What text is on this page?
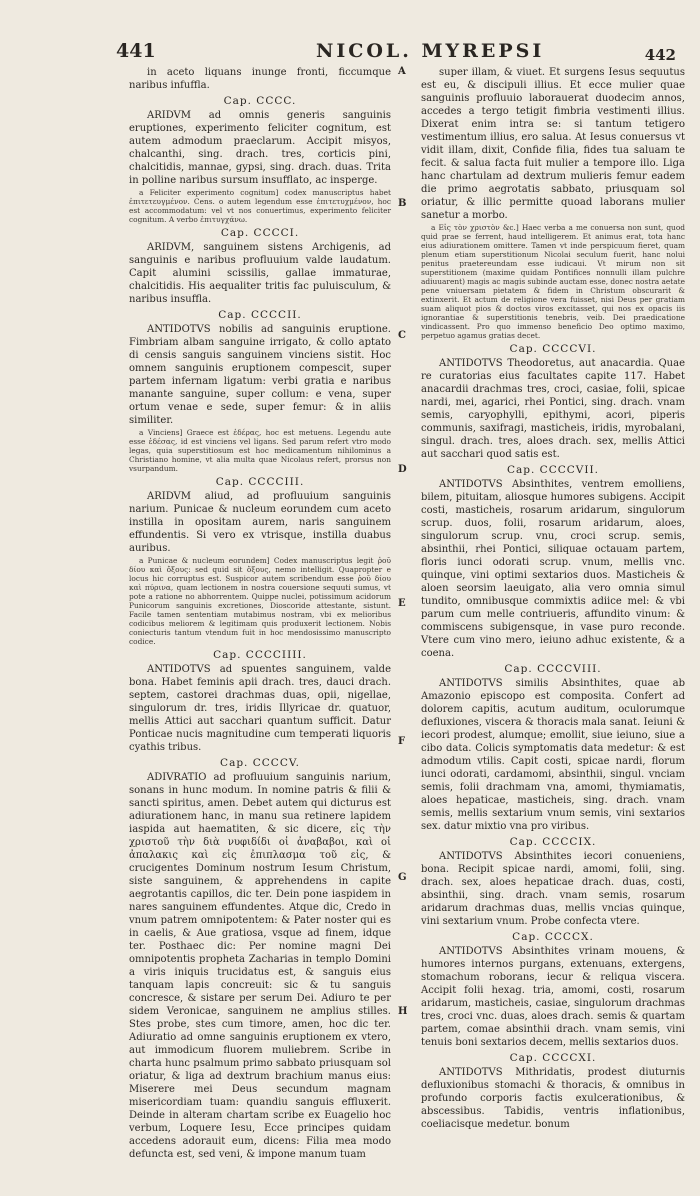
441	NICOL. MYREPSI	442

in aceto liquans inunge fronti, ficcumque naribus infuffla.

Cap. CCCC.

ARIDVM ad omnis generis sanguinis eruptiones, experimento feliciter cognitum, est autem admodum praeclarum. Accipit misyos, chalcanthi, sing. drach. tres, corticis pini, chalcitidis, mannae, gypsi, sing. drach. duas. Trita in polline naribus sursum insufflato, ac insperge.

a Feliciter experimento cognitum] codex manuscriptus habet ἐπιτετευγμένον. Cens. o autem legendum esse ἐπιτετυχμένον, hoc est accommodatum: vel vt nos conuertimus, experimento feliciter cognitum. A verbo ἐπιτυγχάνω.

Cap. CCCCI.

ARIDVM, sanguinem sistens Archigenis, ad sanguinis e naribus profluuium valde laudatum. Capit alumini scissilis, gallae immaturae, chalcitidis. His aequaliter tritis fac puluisculum, & naribus insuffla.

Cap. CCCCII.

ANTIDOTVS nobilis ad sanguinis eruptione. Fimbriam albam sanguine irrigato, & collo aptato di censis sanguis sanguinem vinciens sistit. Hoc omnem sanguinis eruptionem compescit, super partem infernam ligatum: verbi gratia e naribus manante sanguine, super collum: e vena, super ortum venae e sede, super femur: & in aliis similiter.

a Vinciens] Graece est ἐδέρας, hoc est metuens. Legendu aute esse ἐδέσας, id est vinciens vel ligans. Sed parum refert vtro modo legas, quia superstitiosum est hoc medicamentum nihilominus a Christiano homine, vt alia multa quae Nicolaus refert, prorsus non vsurpandum.

Cap. CCCCIII.

ARIDVM aliud, ad profluuium sanguinis narium. Punicae & nucleum eorundem cum aceto instilla in opositam aurem, naris sanguinem effundentis. Si vero ex vtrisque, instilla duabus auribus.

a Punicae & nucleum eorundem] Codex manuscriptus legit ῥοῦ δίου καὶ ὄξους: sed quid sit ὄξους, nemo intelligit. Quapropter e locus hic corruptus est. Suspicor autem scribendum esse ῥοῦ δίου καὶ πύρινα, quam lectionem in nostra couersione sequuti sumus, vt pote a ratione no abhorrentem. Quippe nuclei, potissimum acidorum Punicorum sanguinis excretiones, Dioscoride attestante, sistunt. Facile tamen sententiam mutabimus nostram, vbi ex melioribus codicibus meliorem & legitimam quis produxerit lectionem. Nobis coniecturis tantum vtendum fuit in hoc mendosissimo manuscripto codice.

Cap. CCCCIIII.

ANTIDOTVS ad spuentes sanguinem, valde bona. Habet feminis apii drach. tres, dauci drach. septem, castorei drachmas duas, opii, nigellae, singulorum dr. tres, iridis Illyricae dr. quatuor, mellis Attici aut sacchari quantum sufficit. Datur Ponticae nucis magnitudine cum temperati liquoris cyathis tribus.

Cap. CCCCV.

ADIVRATIO ad profluuium sanguinis narium, sonans in hunc modum. In nomine patris & filii & sancti spiritus, amen. Debet autem qui dicturus est adiurationem hanc, in manu sua retinere lapidem iaspida aut haematiten, & sic dicere, εἰς τὴν χριστοῦ τὴν διὰ νυφιδίδι οἱ ἀναβαβοι, καὶ οἱ ἀπαλακις καὶ εἰς ἐπιπλασμα τοῦ εἰς, & crucigentes Dominum nostrum Iesum Christum, siste sanguinem, & apprehendens in capite aegrotantis capillos, dic ter. Dein pone iaspidem in nares sanguinem effundentes. Atque dic, Credo in vnum patrem omnipotentem: & Pater noster qui es in caelis, & Aue gratiosa, vsque ad finem, idque ter. Posthaec dic: Per nomine magni Dei omnipotentis propheta Zacharias in templo Domini a viris iniquis trucidatus est, & sanguis eius tanquam lapis concreuit: sic & tu sanguis concresce, & sistare per serum Dei. Adiuro te per sidem Veronicae, sanguinem ne amplius stilles. Stes probe, stes cum timore, amen, hoc dic ter. Adiuratio ad omne sanguinis eruptionem ex vtero, aut immodicum fluorem muliebrem. Scribe in charta hunc psalmum primo sabbato priusquam sol oriatur, & liga ad dextrum brachium manus eius: Miserere mei Deus secundum magnam misericordiam tuam: quandiu sanguis effluxerit. Deinde in alteram chartam scribe ex Euagelio hoc verbum, Loquere Iesu, Ecce principes quidam accedens adorauit eum, dicens: Filia mea modo defuncta est, sed veni, & impone manum tuam

A
B
C
D
E
F
G
H

super illam, & viuet. Et surgens Iesus sequutus est eu, & discipuli illius. Et ecce mulier quae sanguinis profluuio laborauerat duodecim annos, accedes a tergo tetigit fimbria vestimenti illius. Dixerat enim intra se: si tantum tetigero vestimentum illius, ero salua. At Iesus conuersus vt vidit illam, dixit, Confide filia, fides tua saluam te fecit. & salua facta fuit mulier a tempore illo. Liga hanc chartulam ad dextrum mulieris femur eadem die primo aegrotatis sabbato, priusquam sol oriatur, & illic permitte quoad laborans mulier sanetur a morbo.

a Εἰς τὸν χριστὸν &c.] Haec verba a me conuersa non sunt, quod quid prae se ferrent, haud intelligerem. Et animus erat, tota hanc eius adiurationem omittere. Tamen vt inde perspicuum fieret, quam plenum etiam superstitionum Nicolai seculum fuerit, hanc nolui penitus praetereundam esse iudicaui. Vt mirum non sit superstitionem (maxime quidam Pontifices nonnulli illam pulchre adiuuarent) magis ac magis subinde auctam esse, donec nostra aetate pene vniuersam pietatem & fidem in Christum obscurarit & extinxerit. Et actum de religione vera fuisset, nisi Deus per gratiam suam aliquot pios & doctos viros excitasset, qui nos ex opacis iis ignorantiae & superstitionis tenebris, veib. Dei praedicatione vindicassent. Pro quo immenso beneficio Deo optimo maximo, perpetuo agamus gratias decet.

Cap. CCCCVI.

ANTIDOTVS Theodoretus, aut anacardia. Quae re curatorias eius facultates capite 117. Habet anacardii drachmas tres, croci, casiae, folii, spicae nardi, mei, agarici, rhei Pontici, sing. drach. vnam semis, caryophylli, epithymi, acori, piperis communis, saxifragi, masticheis, iridis, myrobalani, singul. drach. tres, aloes drach. sex, mellis Attici aut sacchari quod satis est.

Cap. CCCCVII.

ANTIDOTVS Absinthites, ventrem emolliens, bilem, pituitam, aliosque humores subigens. Accipit costi, masticheis, rosarum aridarum, singulorum scrup. duos, folii, rosarum aridarum, aloes, singulorum scrup. vnu, croci scrup. semis, absinthii, rhei Pontici, siliquae octauam partem, floris iunci odorati scrup. vnum, mellis vnc. quinque, vini optimi sextarios duos. Masticheis & aloen seorsim laeuigato, alia vero omnia simul tundito, omnibusque commixtis adiice mel: & vbi parum cum melle contriueris, affundito vinum: & commiscens subigensque, in vase puro reconde. Vtere cum vino mero, ieiuno adhuc existente, & a coena.

Cap. CCCCVIII.

ANTIDOTVS similis Absinthites, quae ab Amazonio episcopo est composita. Confert ad dolorem capitis, acutum auditum, oculorumque defluxiones, viscera & thoracis mala sanat. Ieiuni & iecori prodest, alumque; emollit, siue ieiuno, siue a cibo data. Colicis symptomatis data medetur: & est admodum vtilis. Capit costi, spicae nardi, florum iunci odorati, cardamomi, absinthii, singul. vnciam semis, folii drachmam vna, amomi, thymiamatis, aloes hepaticae, masticheis, sing. drach. vnam semis, mellis sextarium vnum semis, vini sextarios sex. datur mixtio vna pro viribus.

Cap. CCCCIX.

ANTIDOTVS Absinthites iecori conueniens, bona. Recipit spicae nardi, amomi, folii, sing. drach. sex, aloes hepaticae drach. duas, costi, absinthii, sing. drach. vnam semis, rosarum aridarum drachmas duas, mellis vncias quinque, vini sextarium vnum. Probe confecta vtere.

Cap. CCCCX.

ANTIDOTVS Absinthites vrinam mouens, & humores internos purgans, extenuans, extergens, stomachum roborans, iecur & reliqua viscera. Accipit folii hexag. tria, amomi, costi, rosarum aridarum, masticheis, casiae, singulorum drachmas tres, croci vnc. duas, aloes drach. semis & quartam partem, comae absinthii drach. vnam semis, vini tenuis boni sextarios decem, mellis sextarios duos.

Cap. CCCCXI.

ANTIDOTVS Mithridatis, prodest diuturnis defluxionibus stomachi & thoracis, & omnibus in profundo corporis factis exulcerationibus, & abscessibus. Tabidis, ventris inflationibus, coeliacisque medetur. bonum
